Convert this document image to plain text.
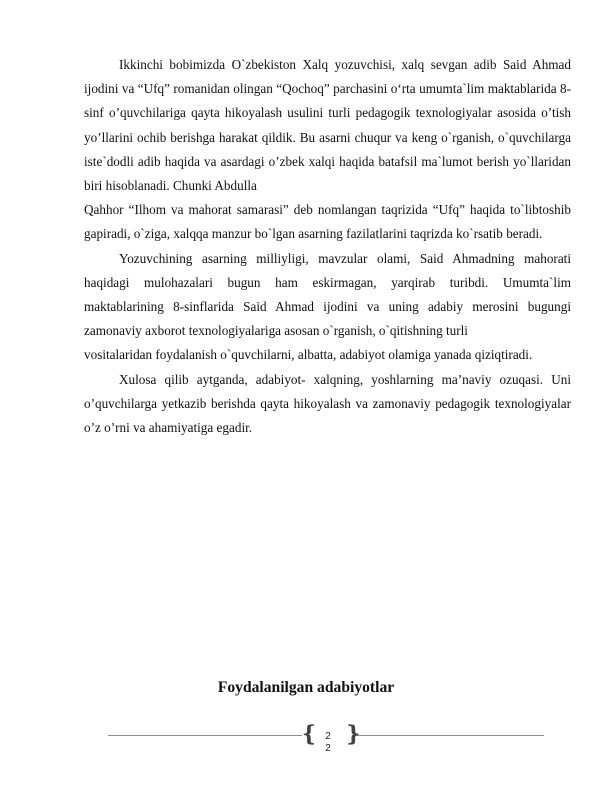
Ikkinchi bobimizda O`zbekiston Xalq yozuvchisi, xalq sevgan adib Said Ahmad ijodini va “Ufq” romanidan olingan “Qochoq” parchasini o‘rta umumta`lim maktablarida 8-sinf o’quvchilariga qayta hikoyalash usulini turli pedagogik texnologiyalar asosida o’tish yo’llarini ochib berishga harakat qildik. Bu asarni chuqur va keng o`rganish, o`quvchilarga iste`dodli adib haqida va asardagi o’zbek xalqi haqida batafsil ma`lumot berish yo`llaridan biri hisoblanadi. Chunki Abdulla

Qahhor “Ilhom va mahorat samarasi” deb nomlangan taqrizida “Ufq” haqida to`libtoshib gapiradi, o`ziga, xalqqa manzur bo`lgan asarning fazilatlarini taqrizda ko`rsatib beradi.

Yozuvchining asarning milliyligi, mavzular olami, Said Ahmadning mahorati haqidagi mulohazalari bugun ham eskirmagan, yarqirab turibdi. Umumta`lim maktablarining 8-sinflarida Said Ahmad ijodini va uning adabiy merosini bugungi zamonaviy axborot texnologiyalariga asosan o`rganish, o`qitishning turli

vositalaridan foydalanish o`quvchilarni, albatta, adabiyot olamiga yanada qiziqtiradi.

Xulosa qilib aytganda, adabiyot- xalqning, yoshlarning ma’naviy ozuqasi. Uni o’quvchilarga yetkazib berishda qayta hikoyalash va zamonaviy pedagogik texnologiyalar o’z o’rni va ahamiyatiga egadir.

Foydalanilgan adabiyotlar
❴ ❵
2
2
